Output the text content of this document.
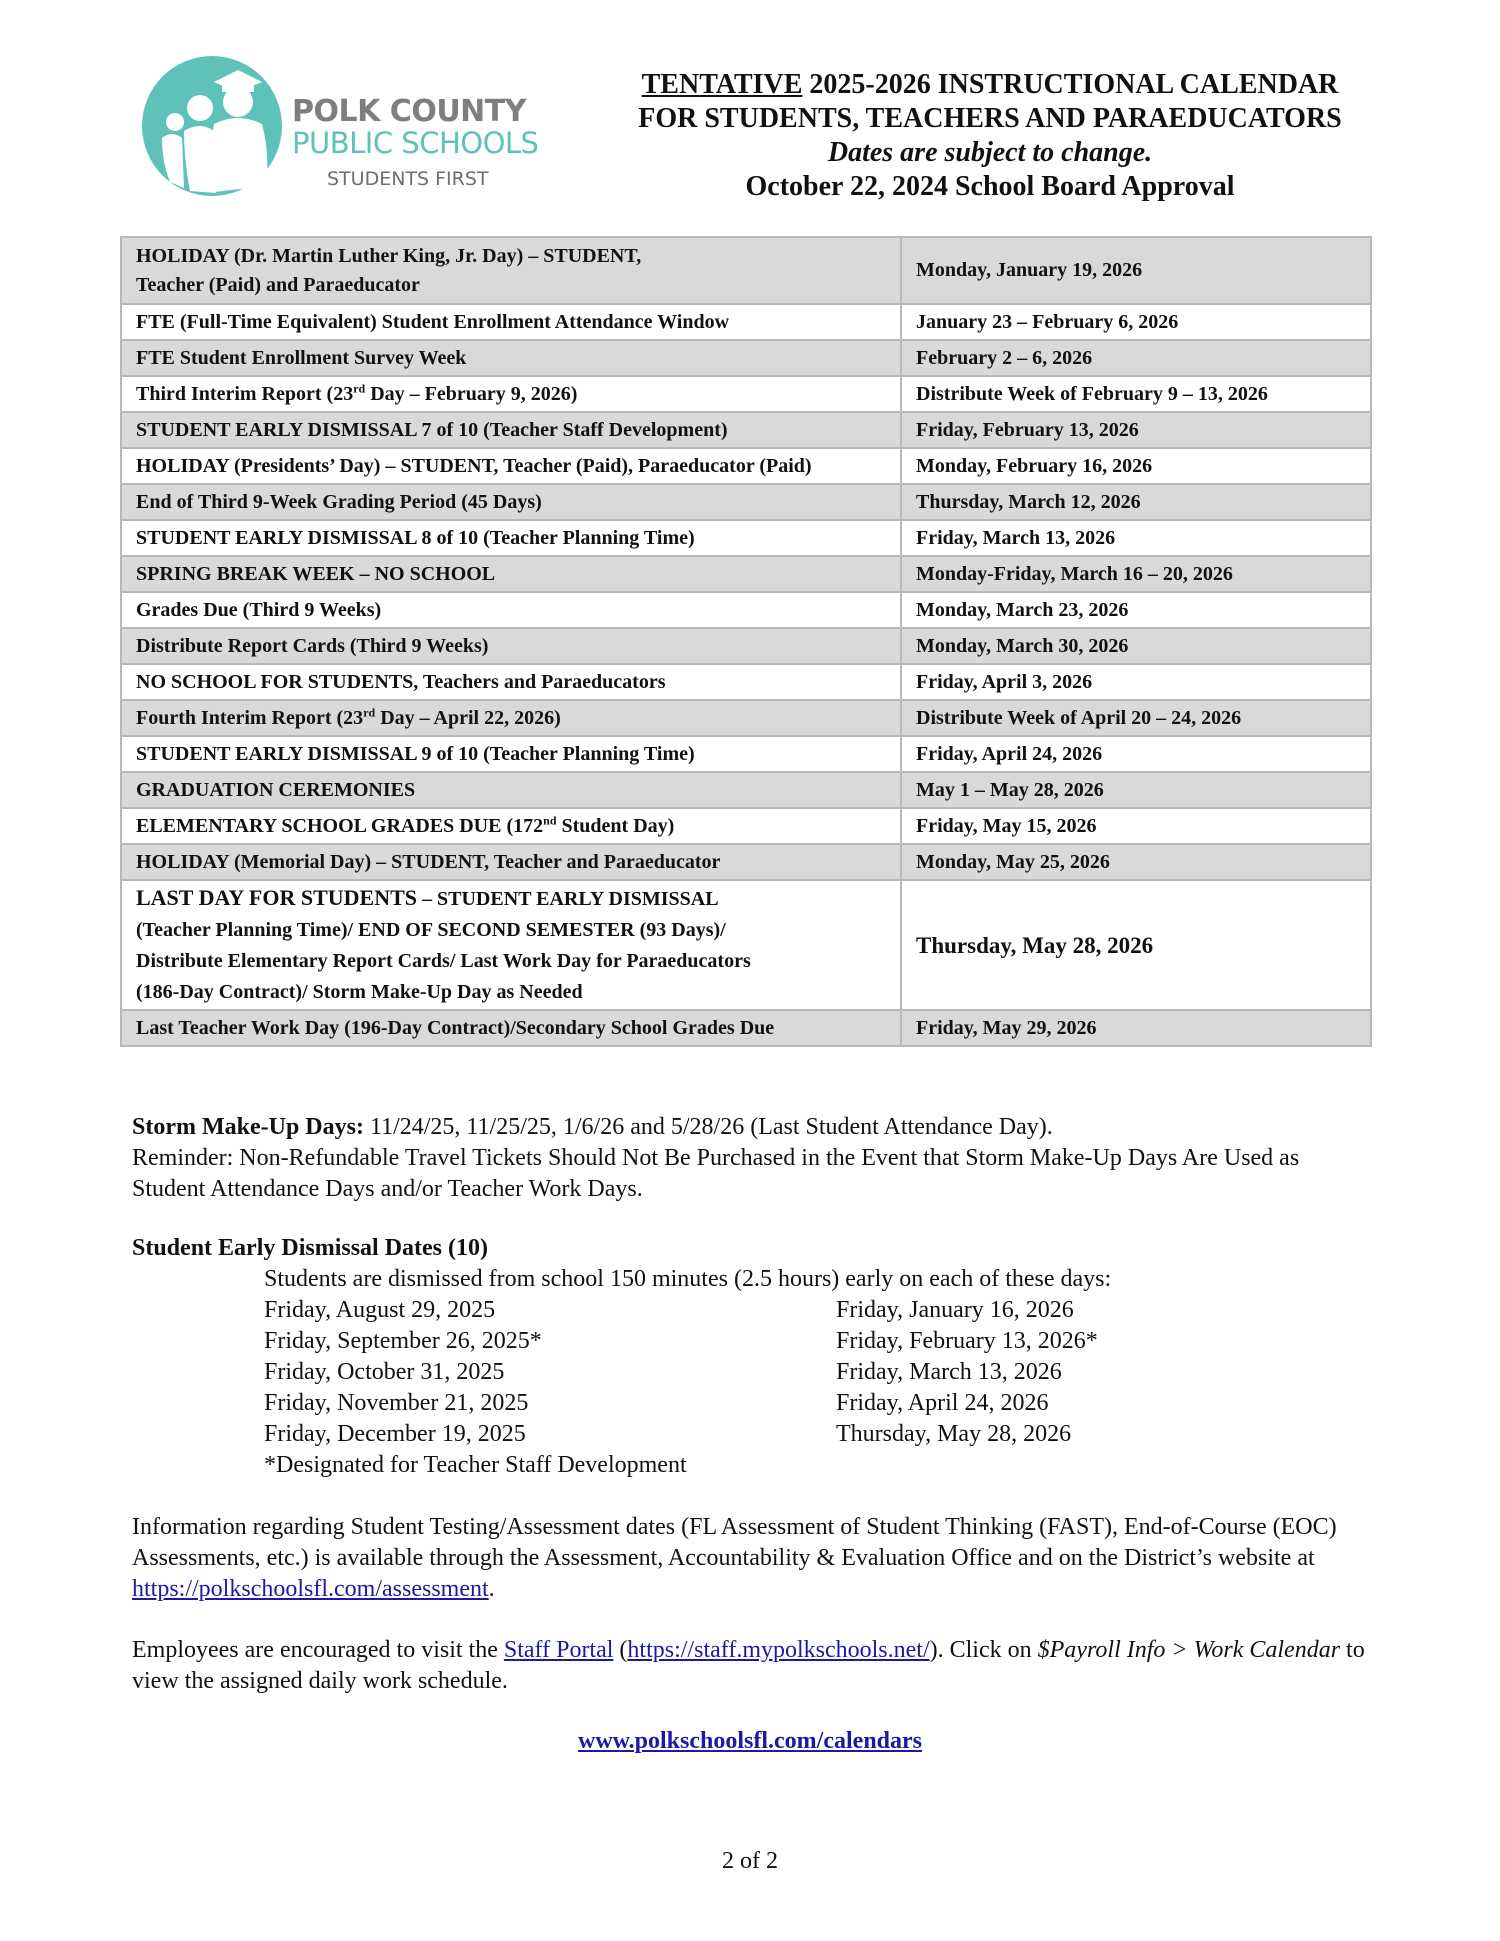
POLK COUNTY
PUBLIC SCHOOLS
STUDENTS FIRST
TENTATIVE 2025-2026 INSTRUCTIONAL CALENDAR
FOR STUDENTS, TEACHERS AND PARAEDUCATORS
Dates are subject to change.
October 22, 2024 School Board Approval
HOLIDAY (Dr. Martin Luther King, Jr. Day) – STUDENT,
Teacher (Paid) and Paraeducator	Monday, January 19, 2026
FTE (Full-Time Equivalent) Student Enrollment Attendance Window	January 23 – February 6, 2026
FTE Student Enrollment Survey Week	February 2 – 6, 2026
Third Interim Report (23rd Day – February 9, 2026)	Distribute Week of February 9 – 13, 2026
STUDENT EARLY DISMISSAL 7 of 10 (Teacher Staff Development)	Friday, February 13, 2026
HOLIDAY (Presidents’ Day) – STUDENT, Teacher (Paid), Paraeducator (Paid)	Monday, February 16, 2026
End of Third 9-Week Grading Period (45 Days)	Thursday, March 12, 2026
STUDENT EARLY DISMISSAL 8 of 10 (Teacher Planning Time)	Friday, March 13, 2026
SPRING BREAK WEEK – NO SCHOOL	Monday-Friday, March 16 – 20, 2026
Grades Due (Third 9 Weeks)	Monday, March 23, 2026
Distribute Report Cards (Third 9 Weeks)	Monday, March 30, 2026
NO SCHOOL FOR STUDENTS, Teachers and Paraeducators	Friday, April 3, 2026
Fourth Interim Report (23rd Day – April 22, 2026)	Distribute Week of April 20 – 24, 2026
STUDENT EARLY DISMISSAL 9 of 10 (Teacher Planning Time)	Friday, April 24, 2026
GRADUATION CEREMONIES	May 1 – May 28, 2026
ELEMENTARY SCHOOL GRADES DUE (172nd Student Day)	Friday, May 15, 2026
HOLIDAY (Memorial Day) – STUDENT, Teacher and Paraeducator	Monday, May 25, 2026

LAST DAY FOR STUDENTS – STUDENT EARLY DISMISSAL
(Teacher Planning Time)/ END OF SECOND SEMESTER (93 Days)/
Distribute Elementary Report Cards/ Last Work Day for Paraeducators
(186-Day Contract)/ Storm Make-Up Day as Needed	Thursday, May 28, 2026
Last Teacher Work Day (196-Day Contract)/Secondary School Grades Due	Friday, May 29, 2026
Storm Make-Up Days: 11/24/25, 11/25/25, 1/6/26 and 5/28/26 (Last Student Attendance Day).
Reminder: Non-Refundable Travel Tickets Should Not Be Purchased in the Event that Storm Make-Up Days Are Used as Student Attendance Days and/or Teacher Work Days.
Student Early Dismissal Dates (10)
Students are dismissed from school 150 minutes (2.5 hours) early on each of these days:
Friday, August 29, 2025
Friday, September 26, 2025*
Friday, October 31, 2025
Friday, November 21, 2025
Friday, December 19, 2025
*Designated for Teacher Staff Development
Friday, January 16, 2026
Friday, February 13, 2026*
Friday, March 13, 2026
Friday, April 24, 2026
Thursday, May 28, 2026
Information regarding Student Testing/Assessment dates (FL Assessment of Student Thinking (FAST), End-of-Course (EOC) Assessments, etc.) is available through the Assessment, Accountability & Evaluation Office and on the District’s website at https://polkschoolsfl.com/assessment.
Employees are encouraged to visit the Staff Portal (https://staff.mypolkschools.net/). Click on $Payroll Info > Work Calendar to view the assigned daily work schedule.
www.polkschoolsfl.com/calendars
2 of 2
